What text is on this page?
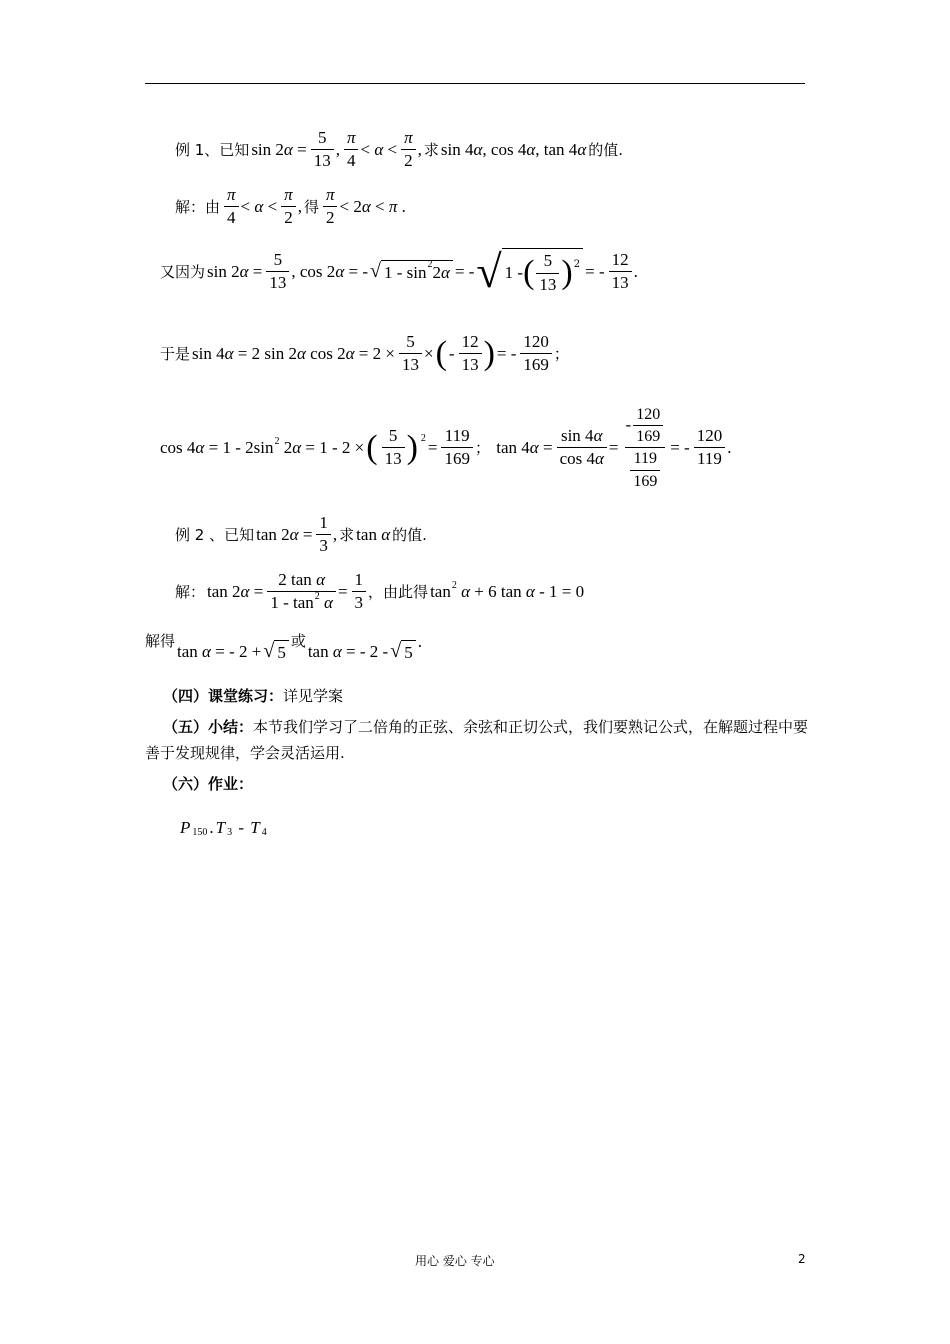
例 1、已知 $\sin 2\alpha = \frac{5}{13}$ , $\frac{\pi}{4} < \alpha < \frac{\pi}{2}$ , 求 sin 4α, cos 4α, tan 4α 的值.
解：由 $\frac{\pi}{4} < \alpha < \frac{\pi}{2}$ , 得 $\frac{\pi}{2} < 2\alpha < \pi$ .
又因为 $\sin 2\alpha = \frac{5}{13}$ , cos 2α = - √ 1 - sin 2 2 α = - √ 1 - ( $\frac{5}{13}$ ) 2 = - $\frac{12}{13}$ .
于是 sin 4α = 2 sin 2α $\cos 2\alpha = 2 \times \frac{5}{13}$ × ( - $\frac{12}{13}$ ) = - $\frac{120}{169}$ ；
$\cos 4\alpha = 1 - 2\sin^2$ 2α = 1 - 2 × ( $\frac{5}{13}$ ) $2 = \frac{119}{169}$ ； $\tan 4\alpha = \frac{\sin 4\alpha}{\cos 4\alpha} = \frac{- \frac{120}{169}}{\frac{119}{169}}$ = - $\frac{120}{119}$ .
例 2 、已知 $\tan 2\alpha = \frac{1}{3}$ , 求 tan α 的值.
解： $\tan 2\alpha = \frac{\text{2 tan α}}{1 - \tan^2 \alpha} = \frac{1}{3}$ ，由此得 $\tan^2 \alpha + 6$ tan α - 1 = 0
解得
tan α = - 2 + √ 5
或
tan α = - 2 - √ 5
.
（四）课堂练习：详见学案
（五）小结：本节我们学习了二倍角的正弦、余弦和正切公式，我们要熟记公式，在解题过程中要善于发现规律，学会灵活运用.
（六）作业：
P 150 . T 3 - T 4
用心 爱心 专心	2
